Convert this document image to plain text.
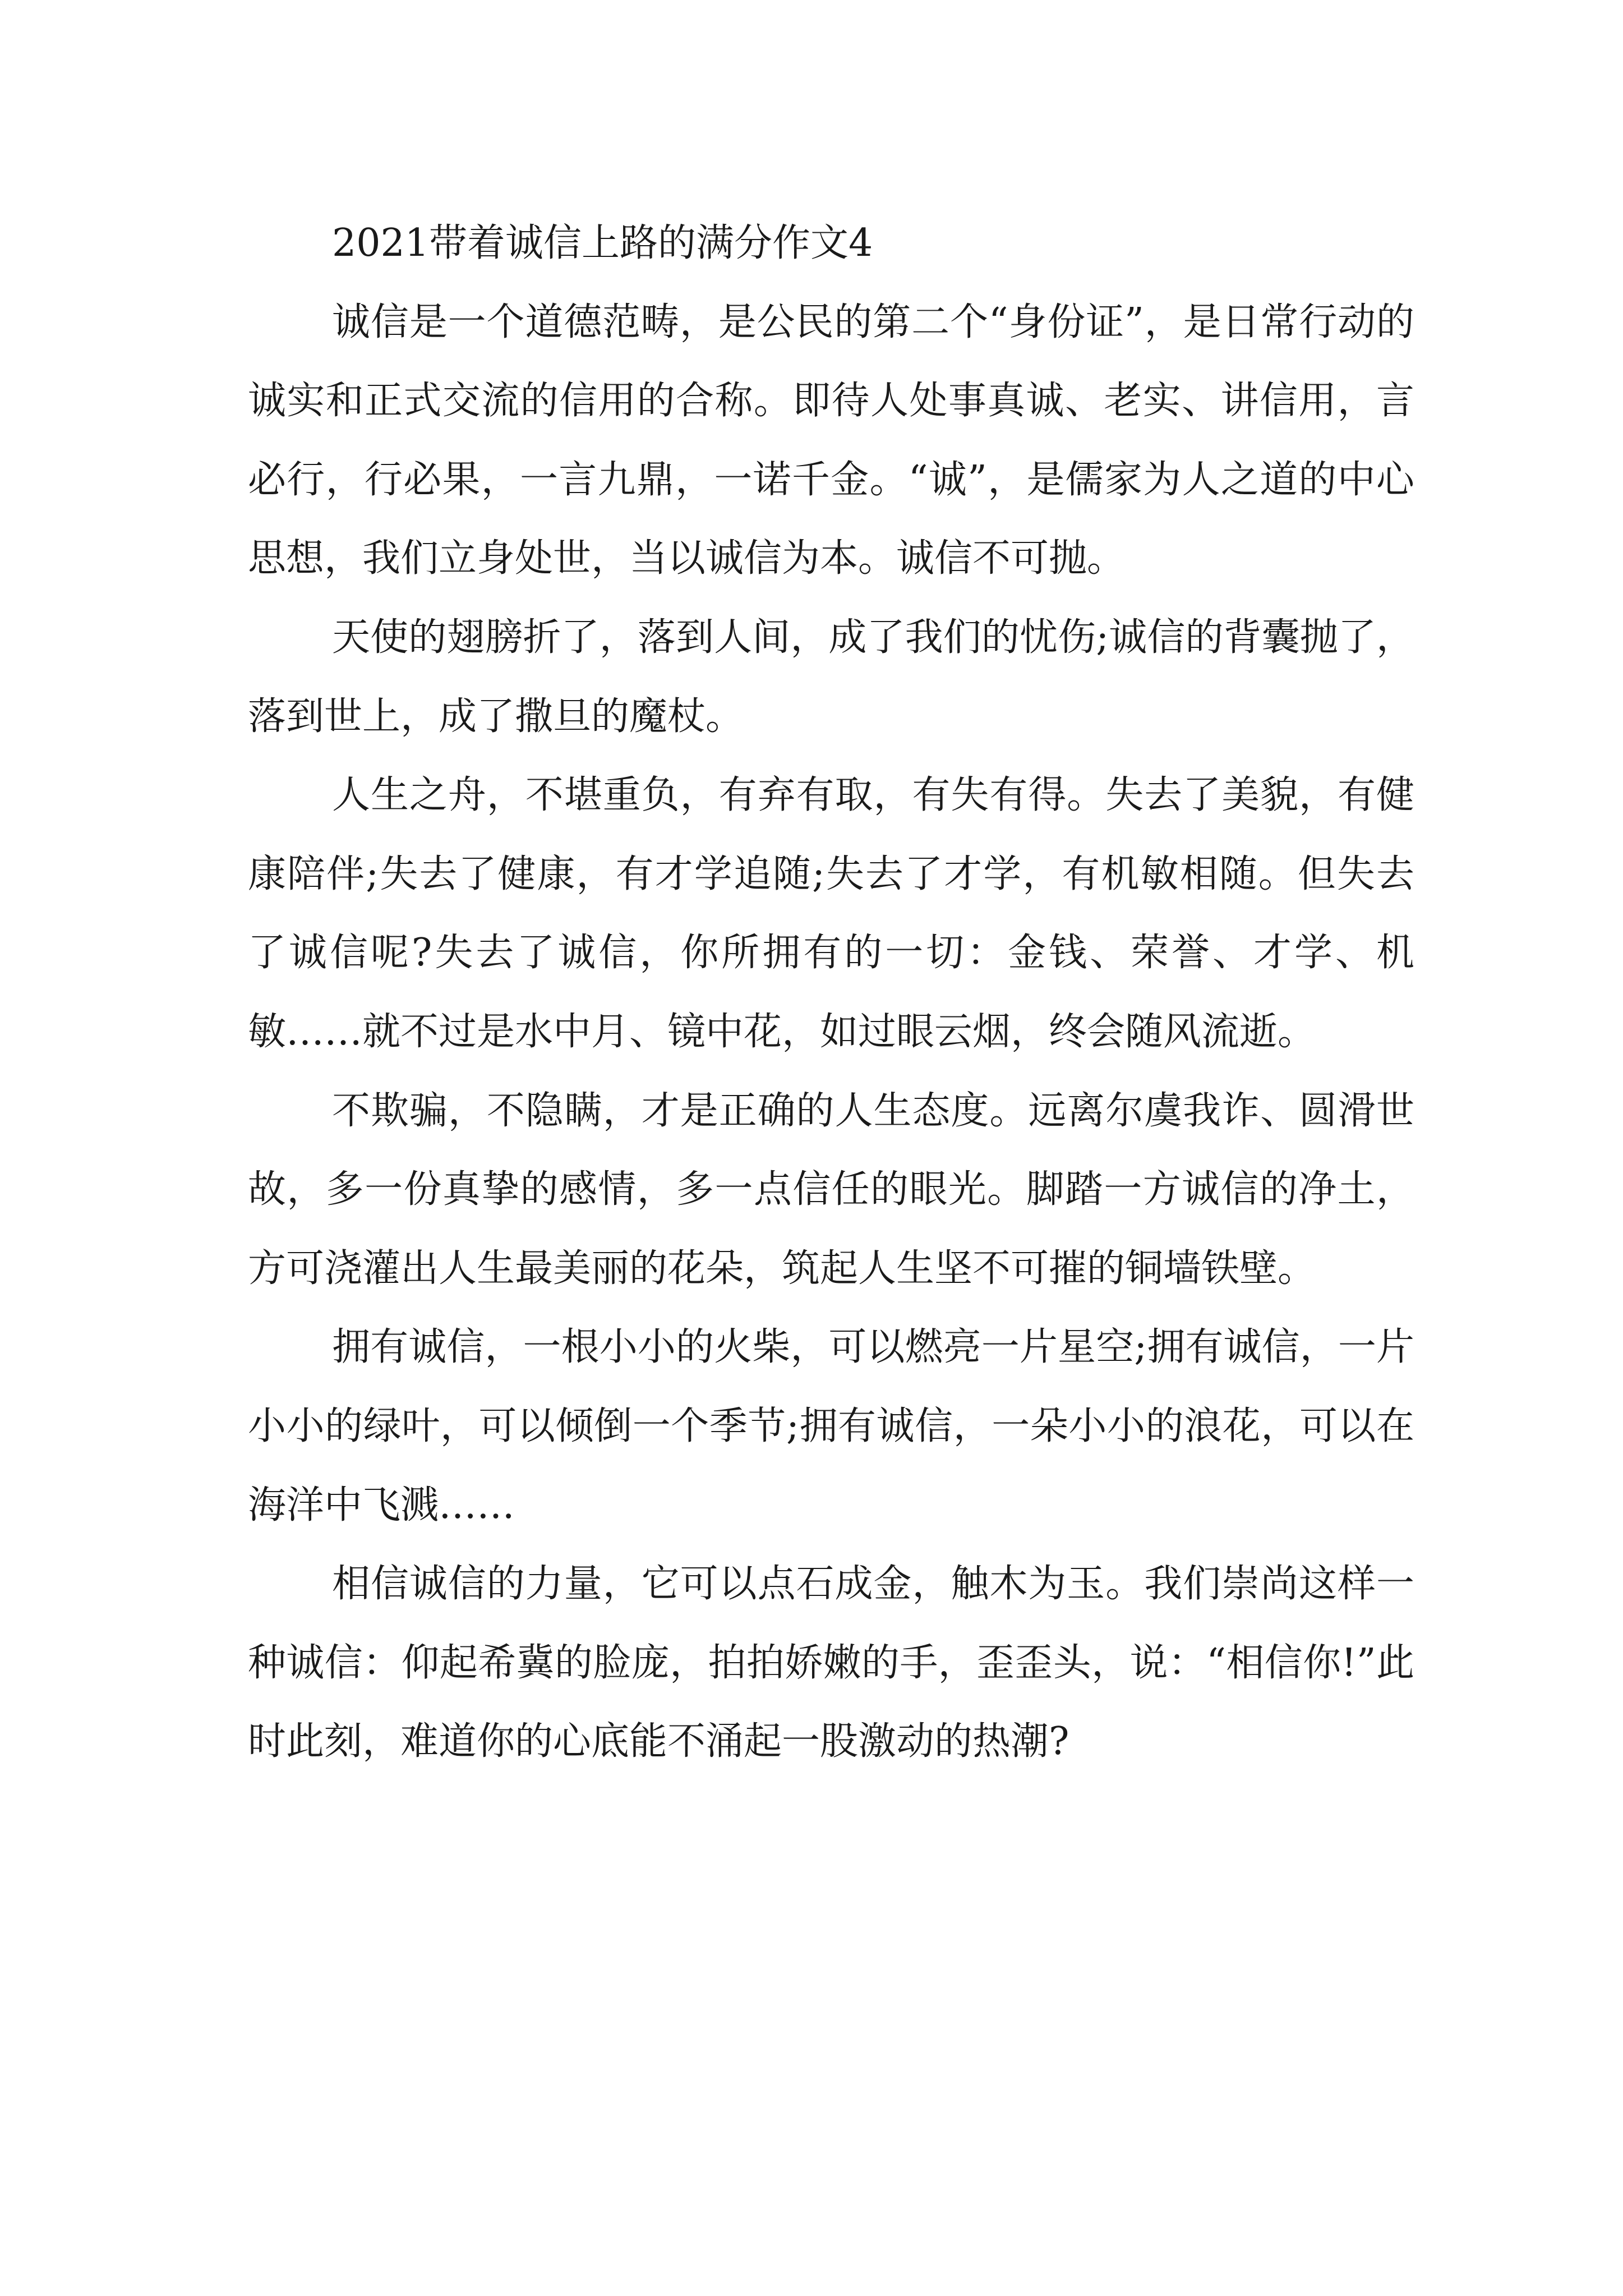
2021带着诚信上路的满分作文4

诚信是一个道德范畴，是公民的第二个“身份证”，是日常行动的诚实和正式交流的信用的合称。即待人处事真诚、老实、讲信用，言必行，行必果，一言九鼎，一诺千金。“诚”，是儒家为人之道的中心思想，我们立身处世，当以诚信为本。诚信不可抛。

天使的翅膀折了，落到人间，成了我们的忧伤;诚信的背囊抛了，落到世上，成了撒旦的魔杖。

人生之舟，不堪重负，有弃有取，有失有得。失去了美貌，有健康陪伴;失去了健康，有才学追随;失去了才学，有机敏相随。但失去了诚信呢?失去了诚信，你所拥有的一切：金钱、荣誉、才学、机敏……就不过是水中月、镜中花，如过眼云烟，终会随风流逝。

不欺骗，不隐瞒，才是正确的人生态度。远离尔虞我诈、圆滑世故，多一份真挚的感情，多一点信任的眼光。脚踏一方诚信的净土，方可浇灌出人生最美丽的花朵，筑起人生坚不可摧的铜墙铁壁。

拥有诚信，一根小小的火柴，可以燃亮一片星空;拥有诚信，一片小小的绿叶，可以倾倒一个季节;拥有诚信，一朵小小的浪花，可以在海洋中飞溅……

相信诚信的力量，它可以点石成金，触木为玉。我们崇尚这样一种诚信：仰起希冀的脸庞，拍拍娇嫩的手，歪歪头，说：“相信你!”此时此刻，难道你的心底能不涌起一股激动的热潮?
